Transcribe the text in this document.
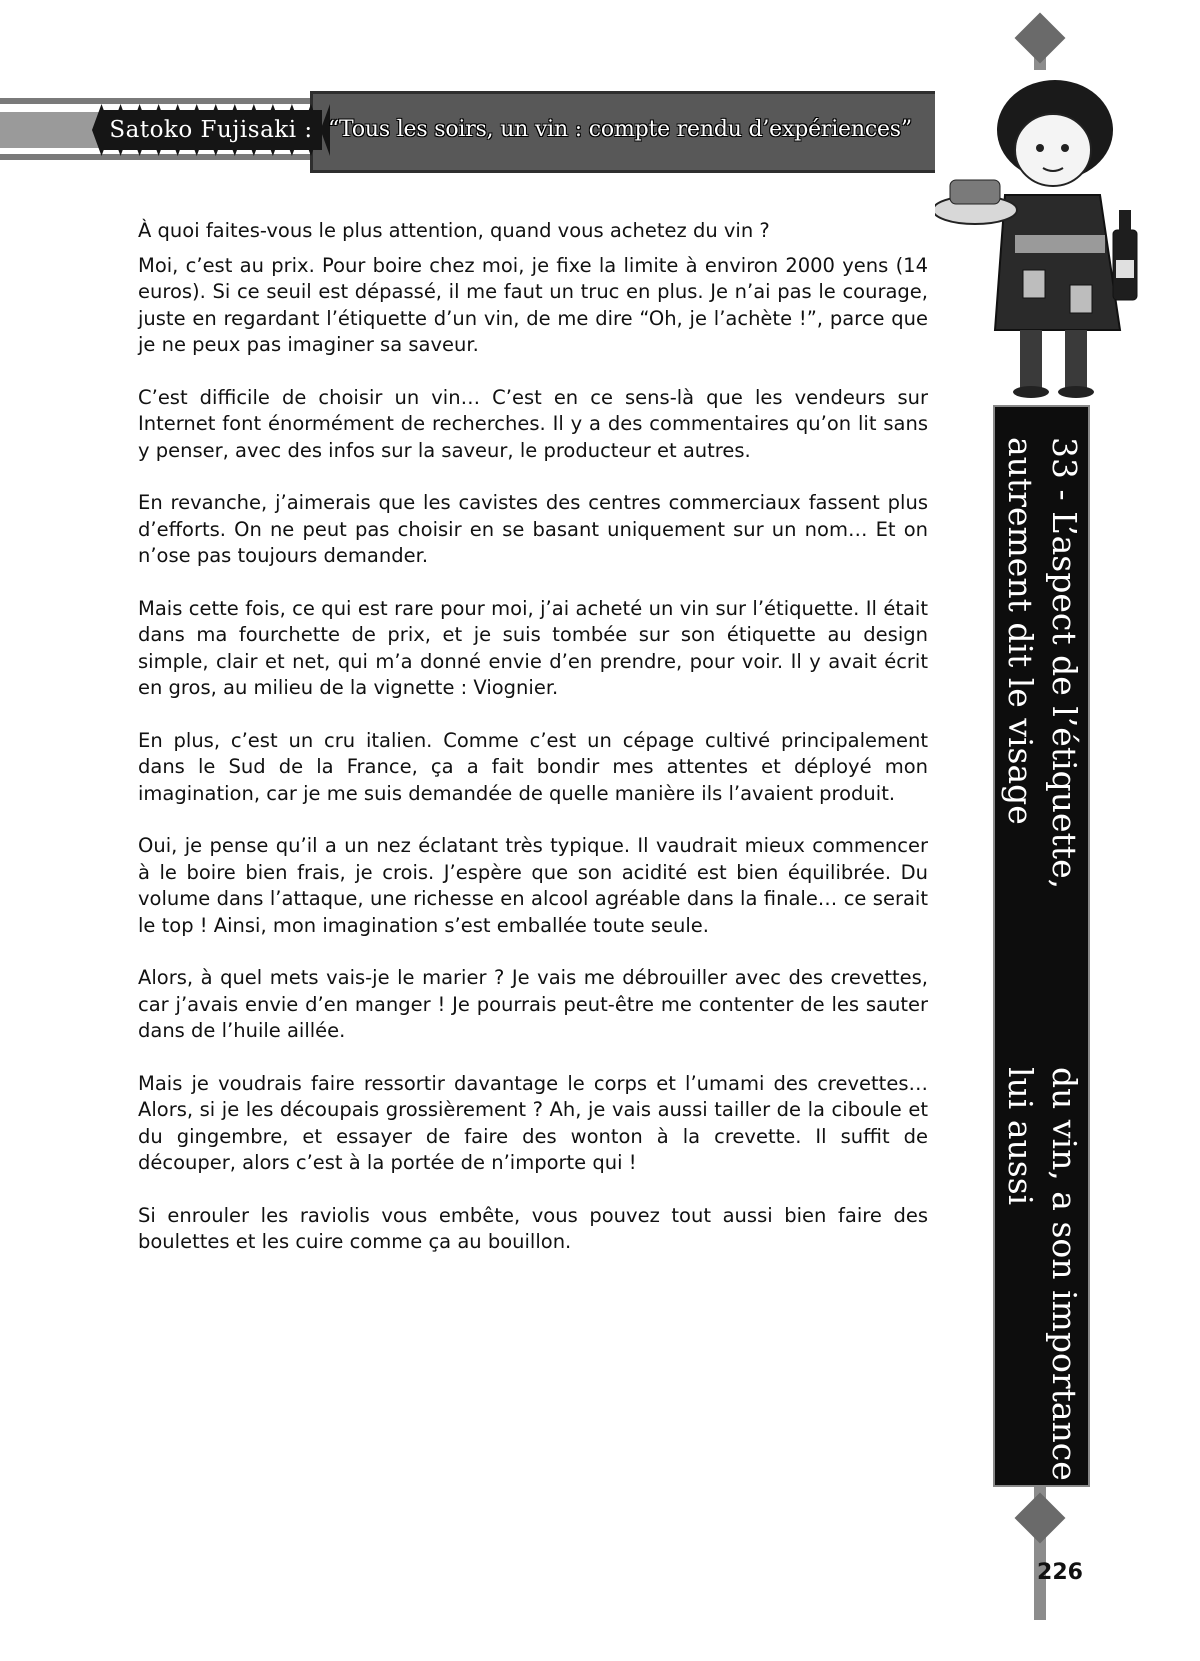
Satoko Fujisaki : “Tous les soirs, un vin : compte rendu d’expériences”
33 - L’aspect de l’étiquette, autrement dit le visage
du vin, a son importance lui aussi

À quoi faites-vous le plus attention, quand vous achetez du vin ?

Moi, c’est au prix. Pour boire chez moi, je fixe la limite à environ 2000 yens (14 euros). Si ce seuil est dépassé, il me faut un truc en plus. Je n’ai pas le courage, juste en regardant l’étiquette d’un vin, de me dire “Oh, je l’achète !”, parce que je ne peux pas imaginer sa saveur.

C’est difficile de choisir un vin… C’est en ce sens-là que les vendeurs sur Internet font énormément de recherches. Il y a des commentaires qu’on lit sans y penser, avec des infos sur la saveur, le producteur et autres.

En revanche, j’aimerais que les cavistes des centres commerciaux fassent plus d’efforts. On ne peut pas choisir en se basant uniquement sur un nom… Et on n’ose pas toujours demander.

Mais cette fois, ce qui est rare pour moi, j’ai acheté un vin sur l’étiquette. Il était dans ma fourchette de prix, et je suis tombée sur son étiquette au design simple, clair et net, qui m’a donné envie d’en prendre, pour voir. Il y avait écrit en gros, au milieu de la vignette : Viognier.

En plus, c’est un cru italien. Comme c’est un cépage cultivé principalement dans le Sud de la France, ça a fait bondir mes attentes et déployé mon imagination, car je me suis demandée de quelle manière ils l’avaient produit.

Oui, je pense qu’il a un nez éclatant très typique. Il vaudrait mieux commencer à le boire bien frais, je crois. J’espère que son acidité est bien équilibrée. Du volume dans l’attaque, une richesse en alcool agréable dans la finale… ce serait le top ! Ainsi, mon imagination s’est emballée toute seule.

Alors, à quel mets vais-je le marier ? Je vais me débrouiller avec des crevettes, car j’avais envie d’en manger ! Je pourrais peut-être me contenter de les sauter dans de l’huile aillée.

Mais je voudrais faire ressortir davantage le corps et l’umami des crevettes… Alors, si je les découpais grossièrement ? Ah, je vais aussi tailler de la ciboule et du gingembre, et essayer de faire des wonton à la crevette. Il suffit de découper, alors c’est à la portée de n’importe qui !

Si enrouler les raviolis vous embête, vous pouvez tout aussi bien faire des boulettes et les cuire comme ça au bouillon.

226
